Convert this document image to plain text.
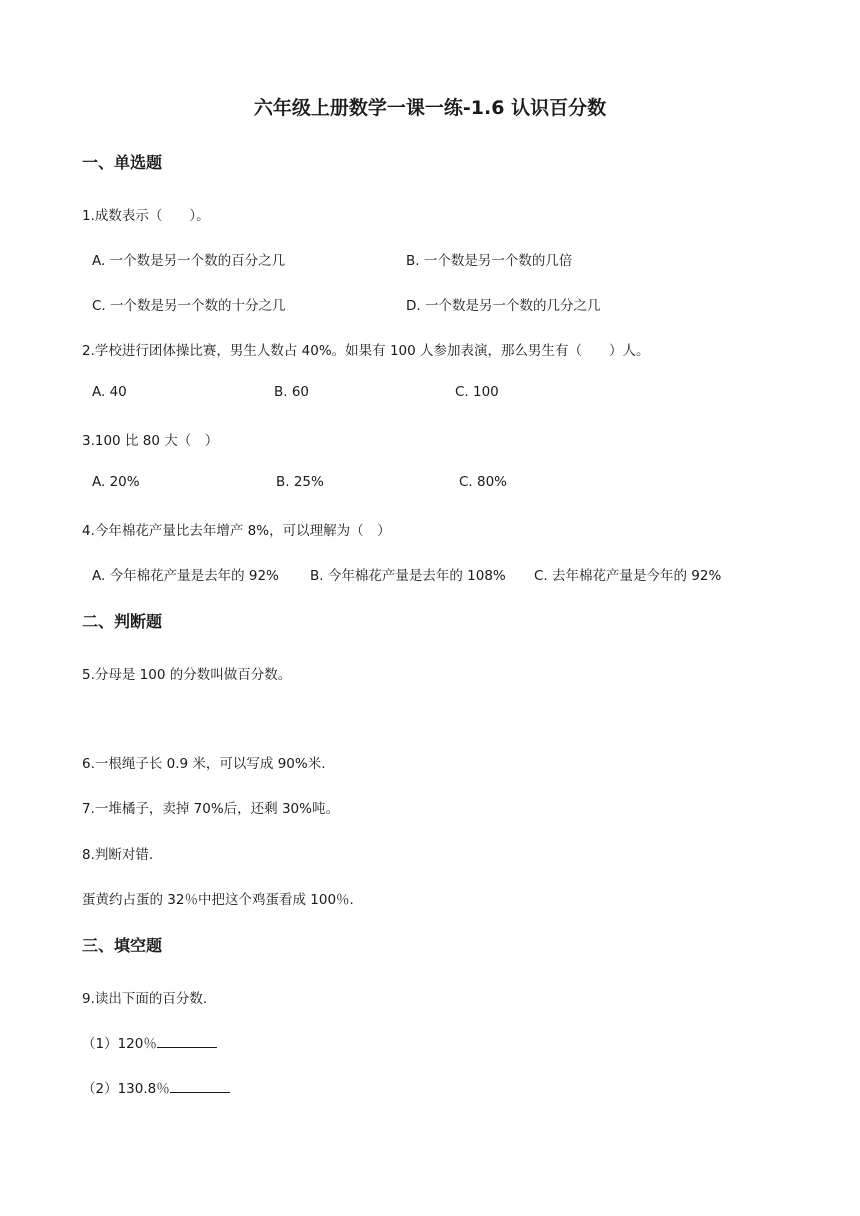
六年级上册数学一课一练-1.6 认识百分数
一、单选题
1.成数表示（　　）。
A. 一个数是另一个数的百分之几	B. 一个数是另一个数的几倍
C. 一个数是另一个数的十分之几	D. 一个数是另一个数的几分之几
2.学校进行团体操比赛，男生人数占 40%。如果有 100 人参加表演，那么男生有（　　）人。
A. 40	B. 60	C. 100
3.100 比 80 大（　）
A. 20%	B. 25%	C. 80%
4.今年棉花产量比去年增产 8%，可以理解为（　）
A. 今年棉花产量是去年的 92% B. 今年棉花产量是去年的 108% C. 去年棉花产量是今年的 92%
二、判断题
5.分母是 100 的分数叫做百分数。
6.一根绳子长 0.9 米，可以写成 90%米.
7.一堆橘子，卖掉 70%后，还剩 30%吨。
8.判断对错.
蛋黄约占蛋的 32％中把这个鸡蛋看成 100％.
三、填空题
9.读出下面的百分数.
（1）120％
（2）130.8％
